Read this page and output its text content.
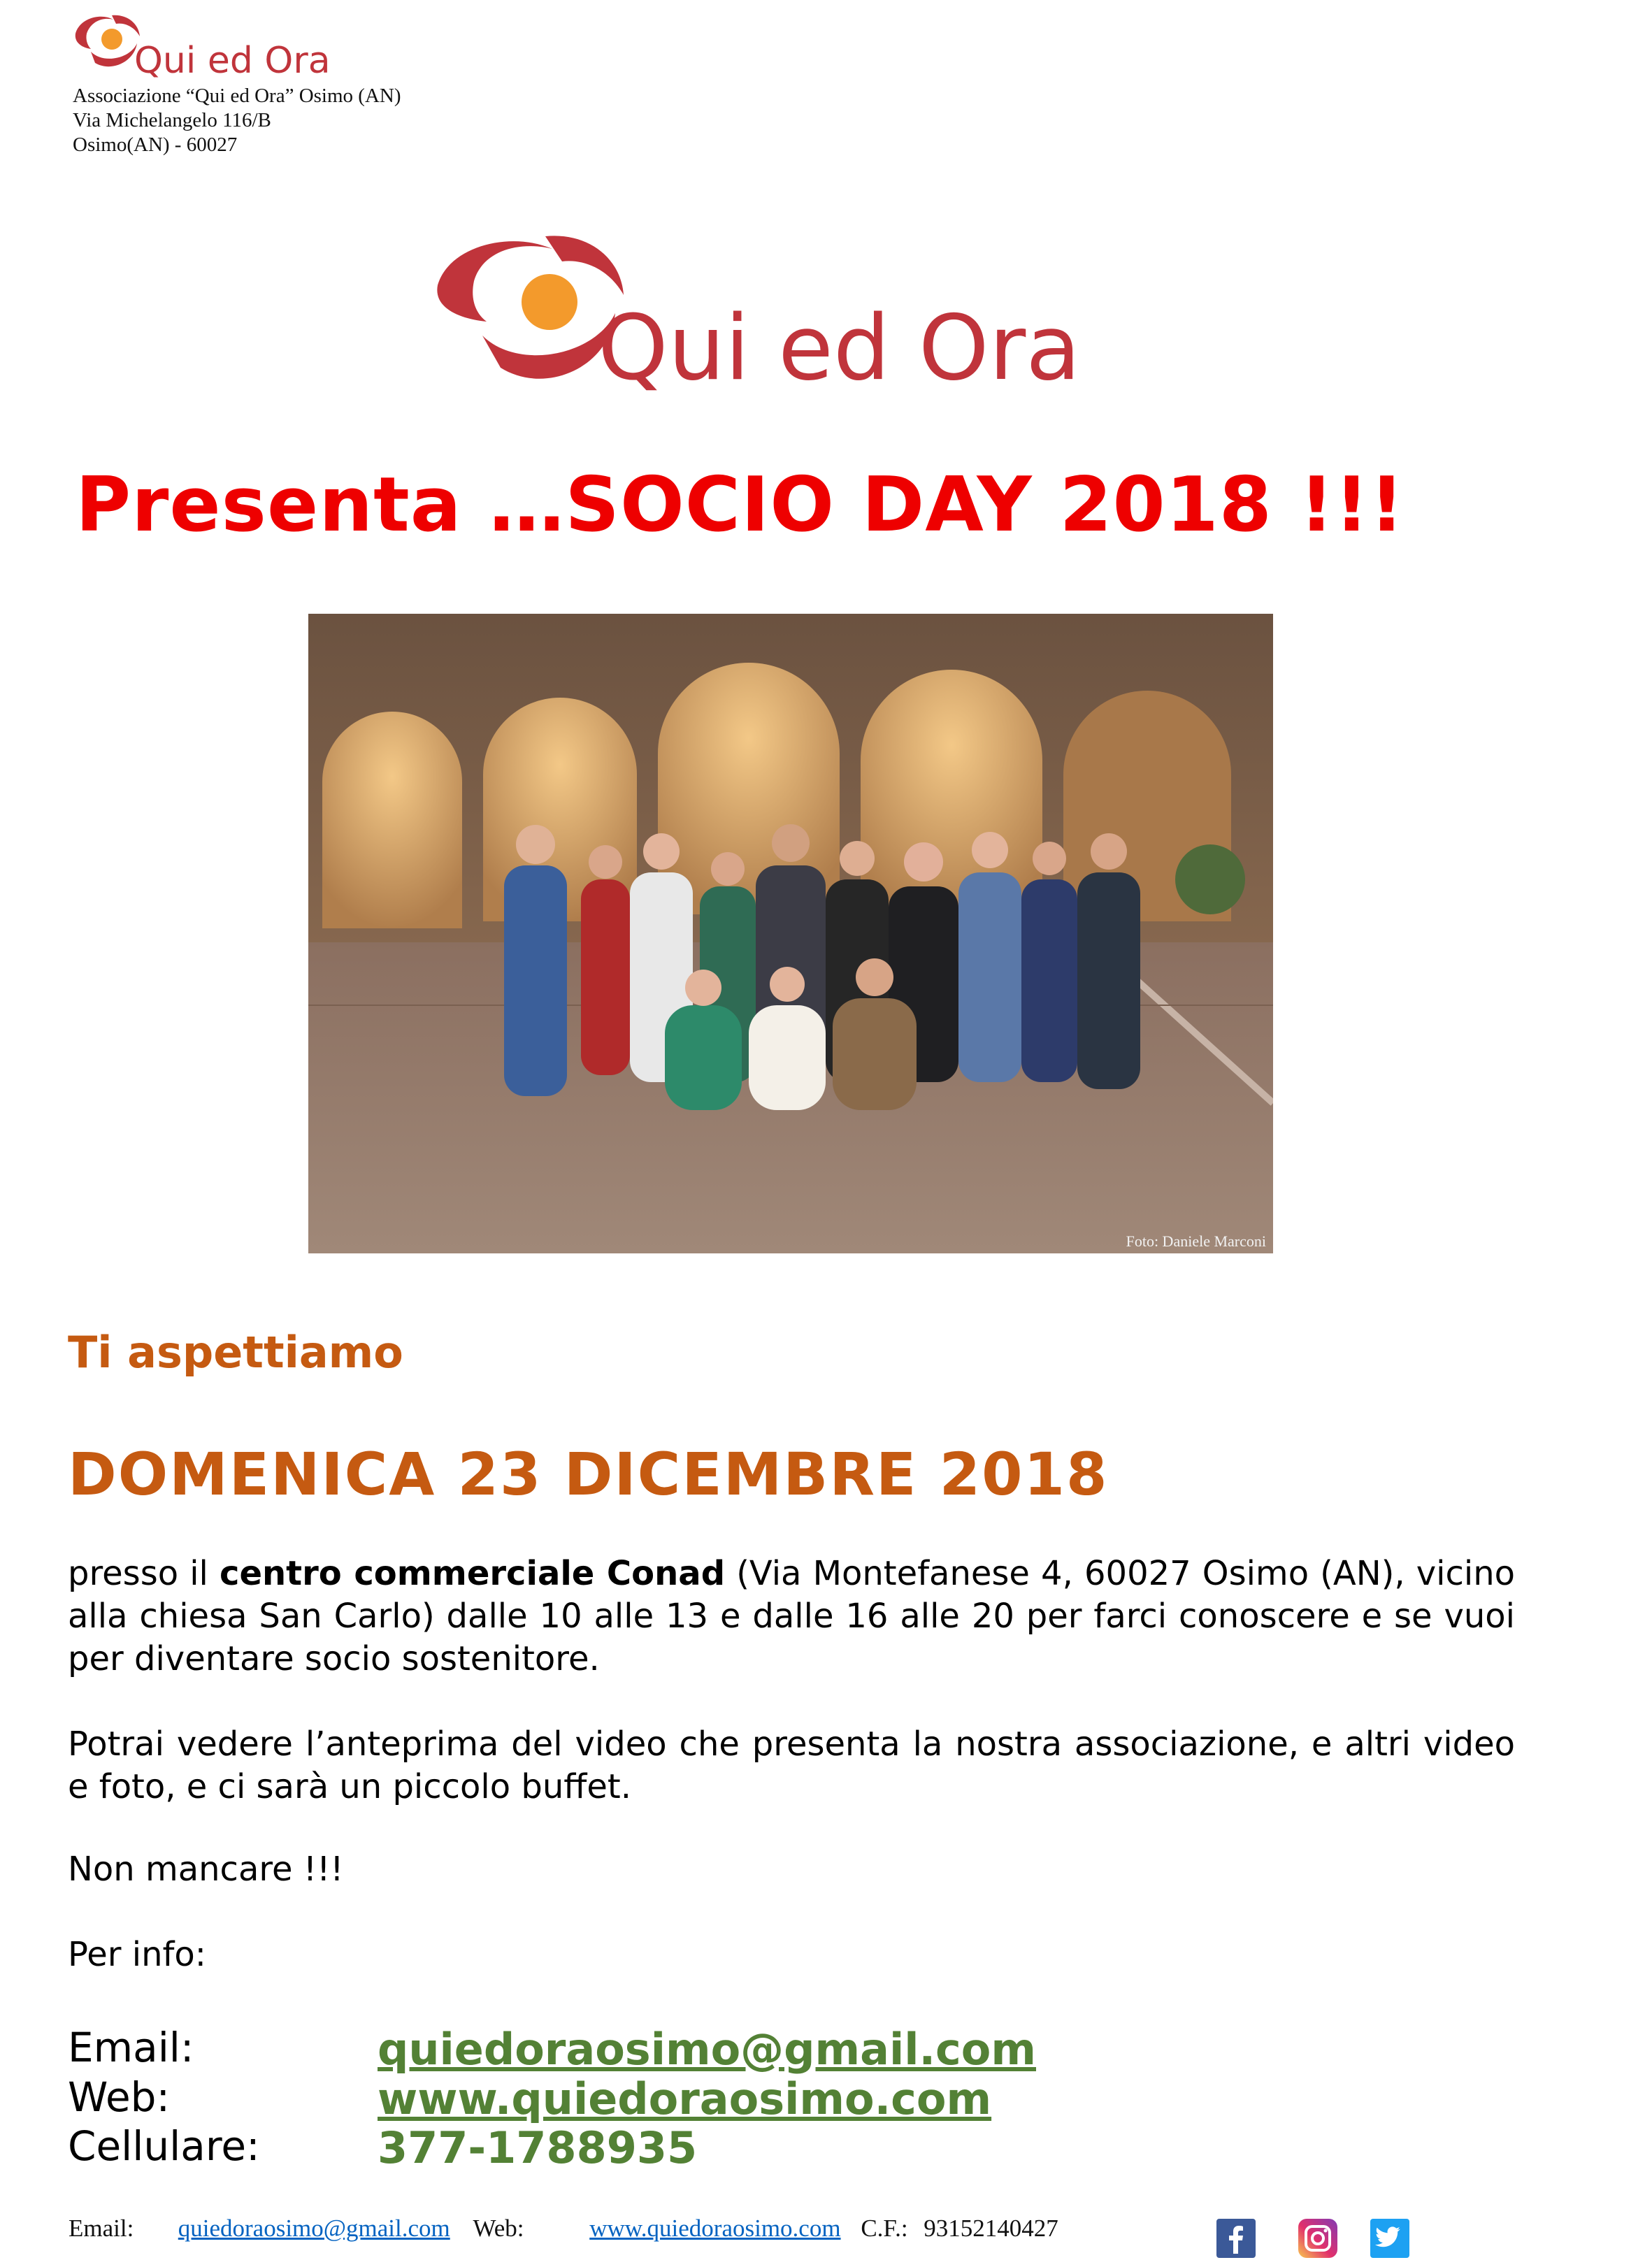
Qui ed Ora
Associazione “Qui ed Ora” Osimo (AN)
Via Michelangelo 116/B
Osimo(AN) - 60027
Qui ed Ora
Presenta …SOCIO DAY 2018 !!!
Foto: Daniele Marconi
Ti aspettiamo
DOMENICA 23 DICEMBRE 2018
presso il centro commerciale Conad (Via Montefanese 4, 60027 Osimo (AN), vicino alla chiesa San Carlo) dalle 10 alle 13 e dalle 16 alle 20 per farci conoscere e se vuoi per diventare socio sostenitore.
Potrai vedere l’anteprima del video che presenta la nostra associazione, e altri video e foto, e ci sarà un piccolo buffet.
Non mancare !!!
Per info:
Email:	quiedoraosimo@gmail.com
Web:	www.quiedoraosimo.com
Cellulare:	377-1788935
Email: quiedoraosimo@gmail.com Web:	www.quiedoraosimo.com C.F.: 93152140427
